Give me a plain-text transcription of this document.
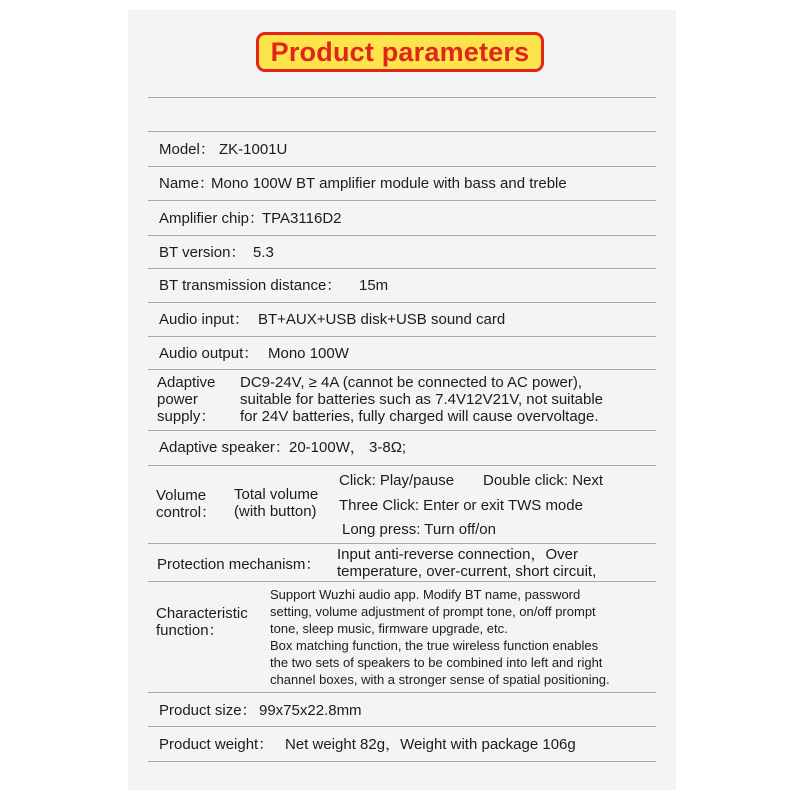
Product parameters
Model： ZK-1001U
Name：
Mono 100W BT amplifier module with bass and treble
Amplifier chip：
TPA3116D2
BT version： 5.3
BT transmission distance： 15m
Audio input： BT+AUX+USB disk+USB sound card
Audio output： Mono 100W
Adaptive
power
supply：
DC9-24V, ≥ 4A (cannot be connected to AC power),
suitable for batteries such as 7.4V12V21V, not suitable
for 24V batteries, fully charged will cause overvoltage.
Adaptive speaker： 20-100W， 3-8Ω;
Volume
control：
Total volume
(with button)
Click: Play/pause Double click: Next
Three Click: Enter or exit TWS mode
Long press: Turn off/on
Protection mechanism：
Input anti-reverse connection，Over
temperature, over-current, short circuit,
Characteristic
function：
Support Wuzhi audio app. Modify BT name, password
setting, volume adjustment of prompt tone, on/off prompt
tone, sleep music, firmware upgrade, etc.
Box matching function, the true wireless function enables
the two sets of speakers to be combined into left and right
channel boxes, with a stronger sense of spatial positioning.
Product size： 99x75x22.8mm
Product weight： Net weight 82g，Weight with package 106g
